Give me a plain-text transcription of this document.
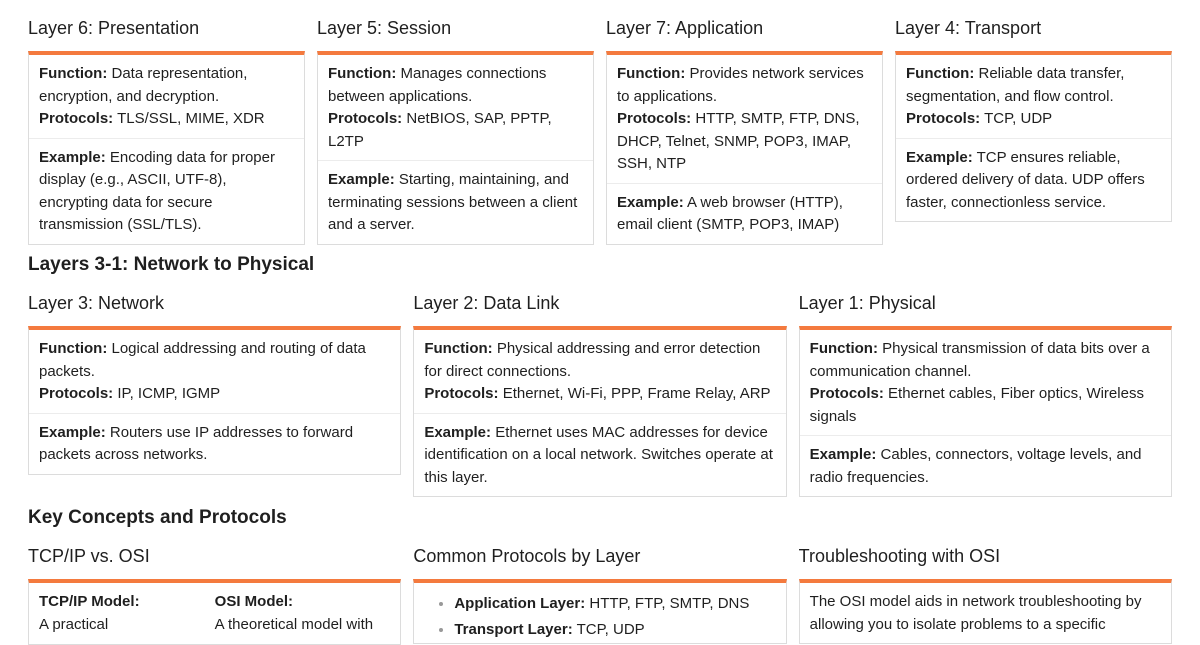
Layer 6: Presentation
Function: Data representation, encryption, and decryption.
Protocols: TLS/SSL, MIME, XDR
Example: Encoding data for proper display (e.g., ASCII, UTF-8), encrypting data for secure transmission (SSL/TLS).
Layer 5: Session
Function: Manages connections between applications.
Protocols: NetBIOS, SAP, PPTP, L2TP
Example: Starting, maintaining, and terminating sessions between a client and a server.
Layer 7: Application
Function: Provides network services to applications.
Protocols: HTTP, SMTP, FTP, DNS, DHCP, Telnet, SNMP, POP3, IMAP, SSH, NTP
Example: A web browser (HTTP), email client (SMTP, POP3, IMAP)
Layer 4: Transport
Function: Reliable data transfer, segmentation, and flow control.
Protocols: TCP, UDP
Example: TCP ensures reliable, ordered delivery of data. UDP offers faster, connectionless service.
Layers 3-1: Network to Physical
Layer 3: Network
Function: Logical addressing and routing of data packets.
Protocols: IP, ICMP, IGMP
Example: Routers use IP addresses to forward packets across networks.
Layer 2: Data Link
Function: Physical addressing and error detection for direct connections.
Protocols: Ethernet, Wi-Fi, PPP, Frame Relay, ARP
Example: Ethernet uses MAC addresses for device identification on a local network. Switches operate at this layer.
Layer 1: Physical
Function: Physical transmission of data bits over a communication channel.
Protocols: Ethernet cables, Fiber optics, Wireless signals
Example: Cables, connectors, voltage levels, and radio frequencies.
Key Concepts and Protocols
TCP/IP vs. OSI
TCP/IP Model:
A practical
OSI Model:
A theoretical model with
Common Protocols by Layer
• Application Layer: HTTP, FTP, SMTP, DNS
• Transport Layer: TCP, UDP
Troubleshooting with OSI
The OSI model aids in network troubleshooting by allowing you to isolate problems to a specific
